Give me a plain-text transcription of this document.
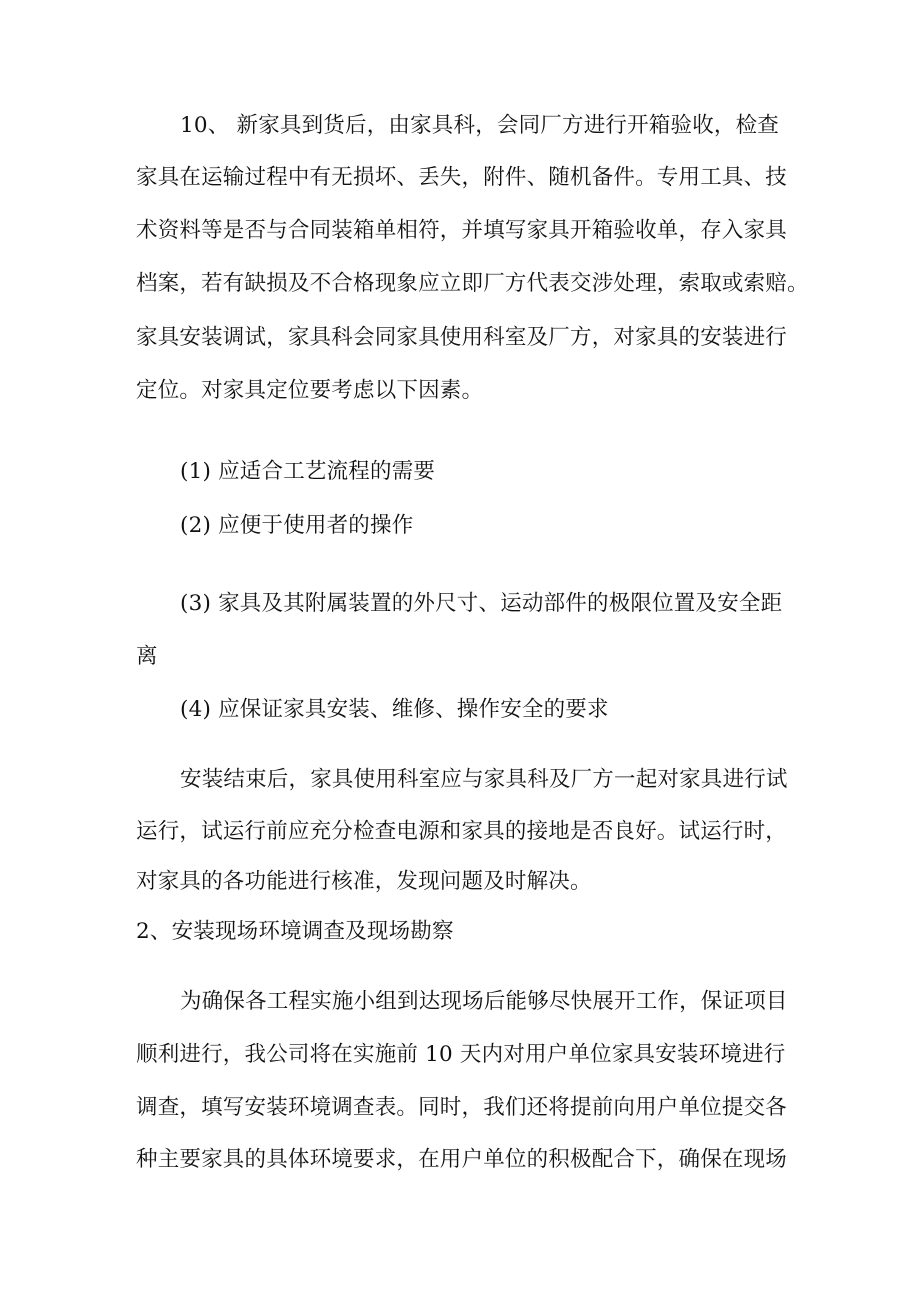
10、 新家具到货后，由家具科，会同厂方进行开箱验收，检查
家具在运输过程中有无损坏、丢失，附件、随机备件。专用工具、技
术资料等是否与合同装箱单相符，并填写家具开箱验收单，存入家具
档案，若有缺损及不合格现象应立即厂方代表交涉处理，索取或索赔。
家具安装调试，家具科会同家具使用科室及厂方，对家具的安装进行
定位。对家具定位要考虑以下因素。
(1) 应适合工艺流程的需要
(2) 应便于使用者的操作
(3) 家具及其附属装置的外尺寸、运动部件的极限位置及安全距
离
(4) 应保证家具安装、维修、操作安全的要求
安装结束后，家具使用科室应与家具科及厂方一起对家具进行试
运行，试运行前应充分检查电源和家具的接地是否良好。试运行时，
对家具的各功能进行核准，发现问题及时解决。
2、安装现场环境调查及现场勘察
为确保各工程实施小组到达现场后能够尽快展开工作，保证项目
顺利进行，我公司将在实施前 10 天内对用户单位家具安装环境进行
调查，填写安装环境调查表。同时，我们还将提前向用户单位提交各
种主要家具的具体环境要求，在用户单位的积极配合下，确保在现场
